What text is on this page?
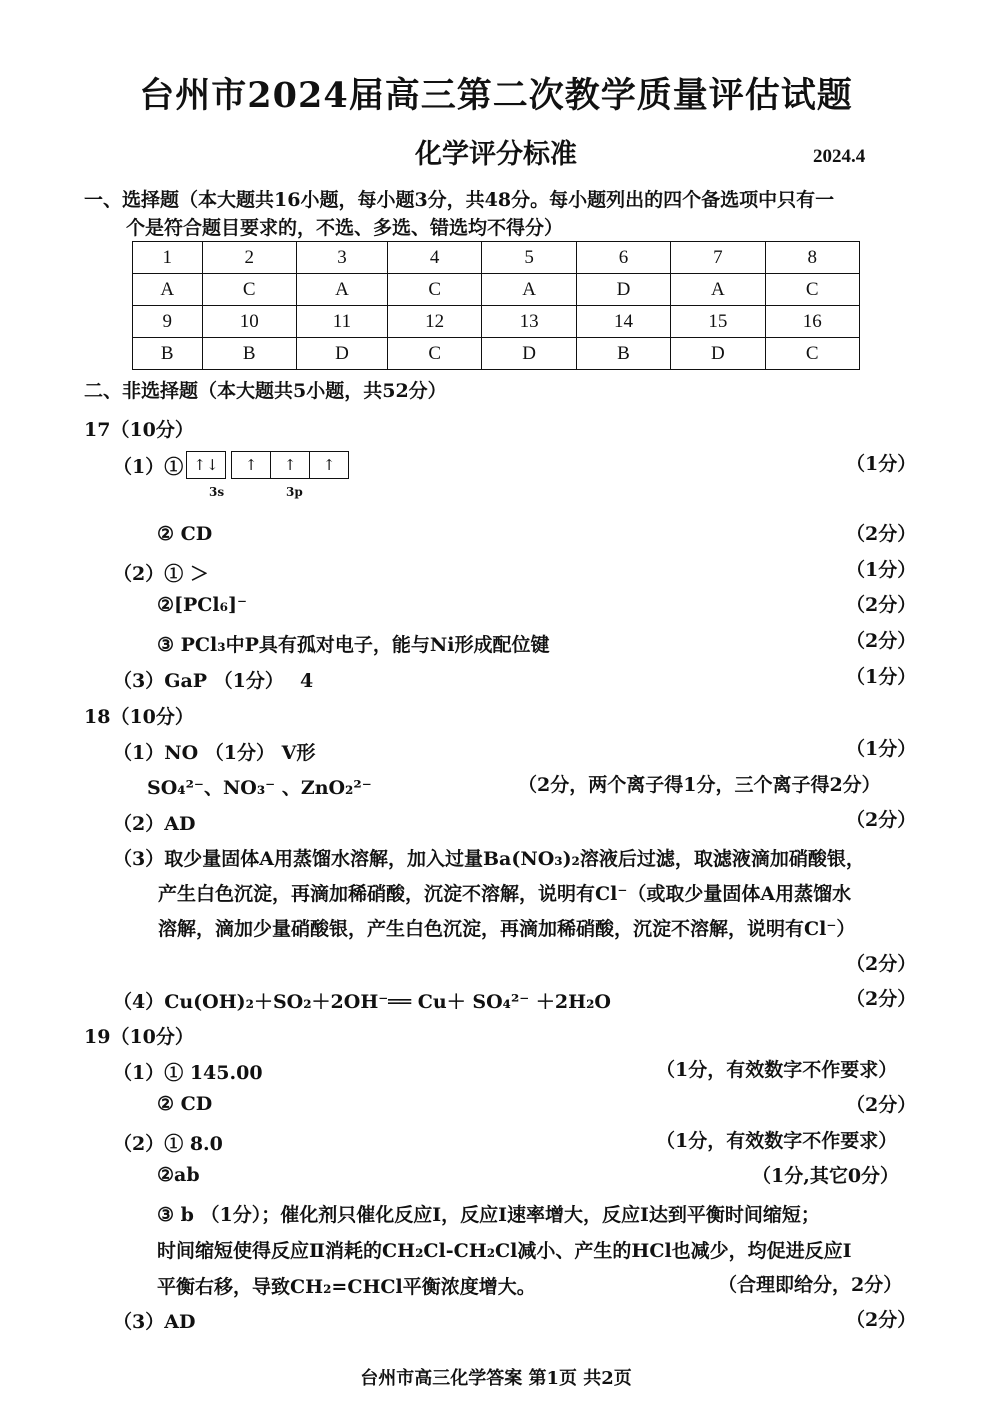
台州市2024届高三第二次教学质量评估试题
化学评分标准	2024.4
一、选择题（本大题共16小题，每小题3分，共48分。每小题列出的四个备选项中只有一
个是符合题目要求的，不选、多选、错选均不得分）
1	2	3	4	5	6	7	8
A	C	A	C	A	D	A	C
9	10	11	12	13	14	15	16
B	B	D	C	D	B	D	C
二、非选择题（本大题共5小题，共52分）
17（10分）
（1）① ↑↓	↑	↑	↑
3s	3p
（1分）
② CD	（2分）
（2）① ＞	（1分）
②[PCl₆]⁻	（2分）
③ PCl₃中P具有孤对电子，能与Ni形成配位键	（2分）
（3）GaP （1分）　 4	（1分）
18（10分）
（1）NO （1分） V形	（1分）
SO₄²⁻、NO₃⁻ 、ZnO₂²⁻	（2分，两个离子得1分，三个离子得2分）
（2）AD	（2分）
（3）取少量固体A用蒸馏水溶解，加入过量Ba(NO₃)₂溶液后过滤，取滤液滴加硝酸银，
产生白色沉淀，再滴加稀硝酸，沉淀不溶解，说明有Cl⁻（或取少量固体A用蒸馏水
溶解，滴加少量硝酸银，产生白色沉淀，再滴加稀硝酸，沉淀不溶解，说明有Cl⁻）
（2分）
（4）Cu(OH)₂＋SO₂＋2OH⁻══ Cu＋ SO₄²⁻ ＋2H₂O	（2分）
19（10分）
（1）① 145.00	（1分，有效数字不作要求）
② CD	（2分）
（2）① 8.0	（1分，有效数字不作要求）
②ab	（1分,其它0分）
③ b （1分）；催化剂只催化反应Ⅰ，反应Ⅰ速率增大，反应Ⅰ达到平衡时间缩短；
时间缩短使得反应Ⅱ消耗的CH₂Cl-CH₂Cl减小、产生的HCl也减少，均促进反应Ⅰ
平衡右移，导致CH₂=CHCl平衡浓度增大。	（合理即给分，2分）
（3）AD	（2分）
台州市高三化学答案 第1页 共2页
